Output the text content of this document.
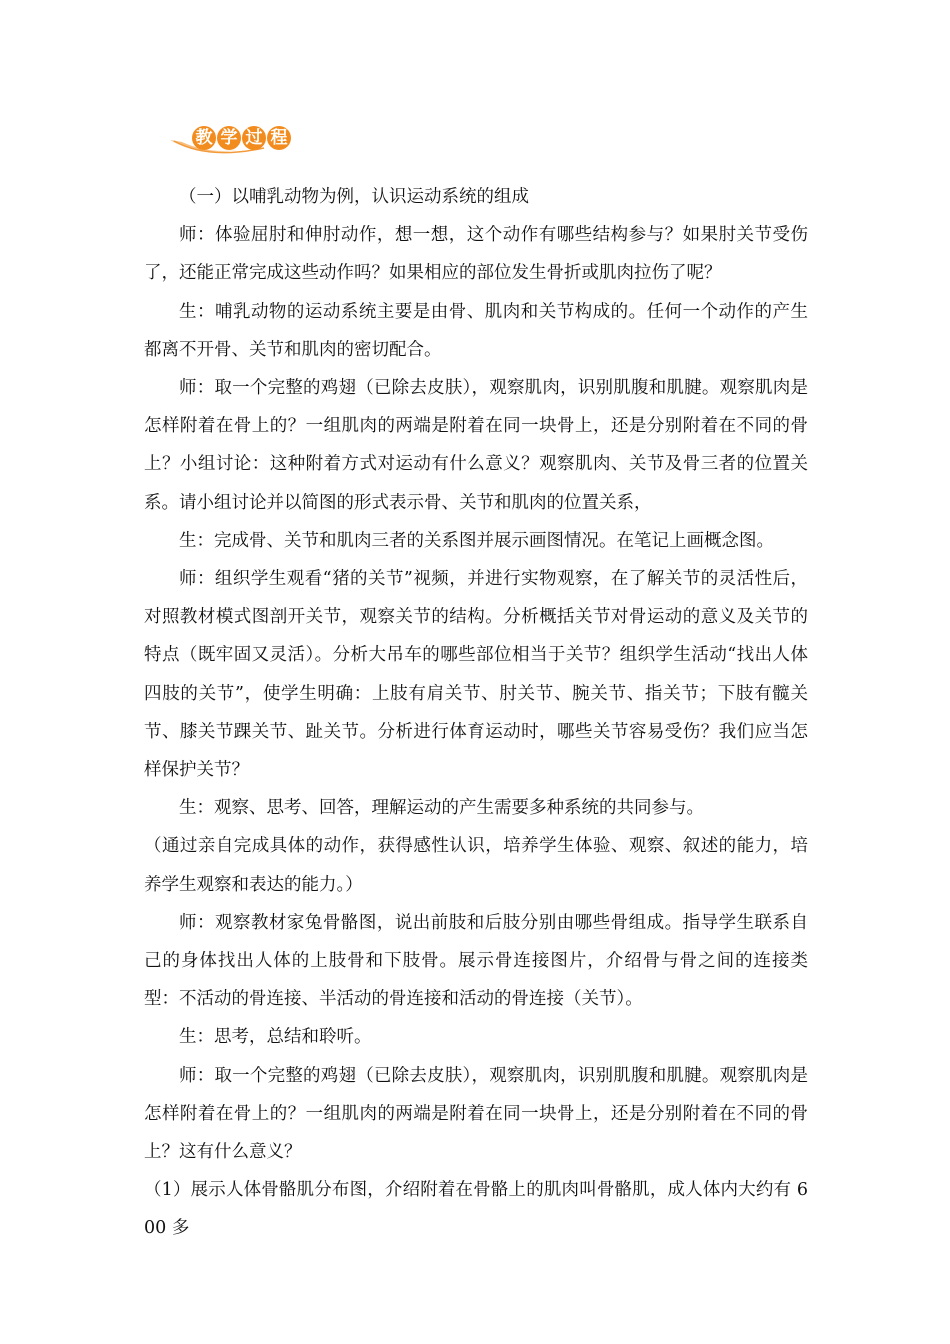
教 学 过 程

（一）以哺乳动物为例，认识运动系统的组成

师：体验屈肘和伸肘动作，想一想，这个动作有哪些结构参与？如果肘关节受伤了，还能正常完成这些动作吗？如果相应的部位发生骨折或肌肉拉伤了呢？

生：哺乳动物的运动系统主要是由骨、肌肉和关节构成的。任何一个动作的产生都离不开骨、关节和肌肉的密切配合。

师：取一个完整的鸡翅（已除去皮肤），观察肌肉，识别肌腹和肌腱。观察肌肉是怎样附着在骨上的？一组肌肉的两端是附着在同一块骨上，还是分别附着在不同的骨上？小组讨论：这种附着方式对运动有什么意义？观察肌肉、关节及骨三者的位置关系。请小组讨论并以简图的形式表示骨、关节和肌肉的位置关系，

生：完成骨、关节和肌肉三者的关系图并展示画图情况。在笔记上画概念图。

师：组织学生观看“猪的关节”视频，并进行实物观察，在了解关节的灵活性后，对照教材模式图剖开关节，观察关节的结构。分析概括关节对骨运动的意义及关节的特点（既牢固又灵活）。分析大吊车的哪些部位相当于关节？组织学生活动“找出人体四肢的关节”，使学生明确：上肢有肩关节、肘关节、腕关节、指关节；下肢有髋关节、膝关节踝关节、趾关节。分析进行体育运动时，哪些关节容易受伤？我们应当怎样保护关节？

生：观察、思考、回答，理解运动的产生需要多种系统的共同参与。

（通过亲自完成具体的动作，获得感性认识，培养学生体验、观察、叙述的能力，培养学生观察和表达的能力。）

师：观察教材家兔骨骼图，说出前肢和后肢分别由哪些骨组成。指导学生联系自己的身体找出人体的上肢骨和下肢骨。展示骨连接图片，介绍骨与骨之间的连接类型：不活动的骨连接、半活动的骨连接和活动的骨连接（关节）。

生：思考，总结和聆听。

师：取一个完整的鸡翅（已除去皮肤），观察肌肉，识别肌腹和肌腱。观察肌肉是怎样附着在骨上的？一组肌肉的两端是附着在同一块骨上，还是分别附着在不同的骨上？这有什么意义？

（1）展示人体骨骼肌分布图，介绍附着在骨骼上的肌肉叫骨骼肌，成人体内大约有 600 多
